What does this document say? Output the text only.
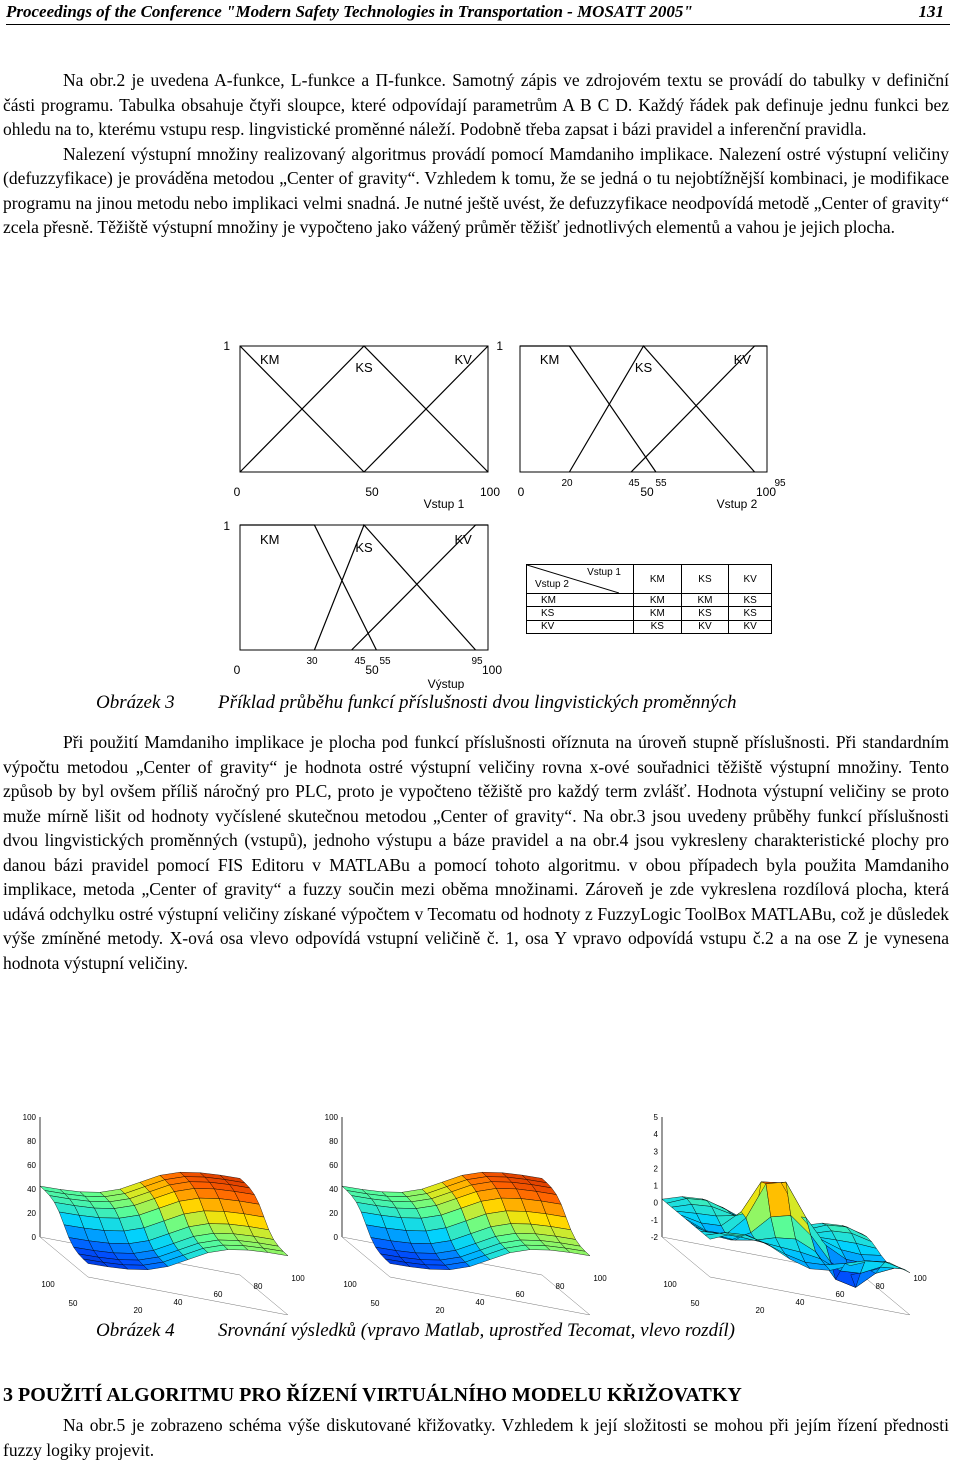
Proceedings of the Conference "Modern Safety Technologies in Transportation - MOSATT 2005"	131
Na obr.2 je uvedena A-funkce, L-funkce a Π-funkce. Samotný zápis ve zdrojovém textu se provádí do tabulky v definiční části programu. Tabulka obsahuje čtyři sloupce, které odpovídají parametrům A B C D. Každý řádek pak definuje jednu funkci bez ohledu na to, kterému vstupu resp. lingvistické proměnné náleží. Podobně třeba zapsat i bázi pravidel a inferenční pravidla.
Nalezení výstupní množiny realizovaný algoritmus provádí pomocí Mamdaniho implikace. Nalezení ostré výstupní veličiny (defuzzyfikace) je prováděna metodou „Center of gravity“. Vzhledem k tomu, že se jedná o tu nejobtížnější kombinaci, je modifikace programu na jinou metodu nebo implikaci velmi snadná. Je nutné ještě uvést, že defuzzyfikace neodpovídá metodě „Center of gravity“ zcela přesně. Těžiště výstupní množiny je vypočteno jako vážený průměr těžišť jednotlivých elementů a vahou je jejich plocha.
1
0	50	100
Vstup 1
KM
KS
KV
1
0
20	45 55
50
95
100
Vstup 2
KM
KS
KV
1
0
30	45 55
50
95
100
Výstup
KM
KS
KV
Vstup 1
Vstup 2	KM	KS	KV
KM	KM	KM	KS
KS	KM	KS	KS
KV	KS	KV	KV
Obrázek 3 Příklad průběhu funkcí příslušnosti dvou lingvistických proměnných
Při použití Mamdaniho implikace je plocha pod funkcí příslušnosti oříznuta na úroveň stupně příslušnosti. Při standardním výpočtu metodou „Center of gravity“ je hodnota ostré výstupní veličiny rovna x-ové souřadnici těžiště výstupní množiny. Tento způsob by byl ovšem příliš náročný pro PLC, proto je vypočteno těžiště pro každý term zvlášť. Hodnota výstupní veličiny se proto muže mírně lišit od hodnoty vyčíslené skutečnou metodou „Center of gravity“. Na obr.3 jsou uvedeny průběhy funkcí příslušnosti dvou lingvistických proměnných (vstupů), jednoho výstupu a báze pravidel a na obr.4 jsou vykresleny charakteristické plochy pro danou bázi pravidel pomocí FIS Editoru v MATLABu a pomocí tohoto algoritmu. v obou případech byla použita Mamdaniho implikace, metoda „Center of gravity“ a fuzzy součin mezi oběma množinami. Zároveň je zde vykreslena rozdílová plocha, která udává odchylku ostré výstupní veličiny získané výpočtem v Tecomatu od hodnoty z FuzzyLogic ToolBox MATLABu, což je důsledek výše zmíněné metody. X-ová osa vlevo odpovídá vstupní veličině č. 1, osa Y vpravo odpovídá vstupu č.2 a na ose Z je vynesena hodnota výstupní veličiny.
100
80
60
40
20
0
50
100
20
40
60
80
100
100
80
60
40
20
0
50
100
20
40
60
80
100
5
4
3
2
1
0
-1
-2
50
100
20
40
60
80
100
Obrázek 4 Srovnání výsledků (vpravo Matlab, uprostřed Tecomat, vlevo rozdíl)
3 POUŽITÍ ALGORITMU PRO ŘÍZENÍ VIRTUÁLNÍHO MODELU KŘIŽOVATKY
Na obr.5 je zobrazeno schéma výše diskutované křižovatky. Vzhledem k její složitosti se mohou při jejím řízení přednosti fuzzy logiky projevit.
